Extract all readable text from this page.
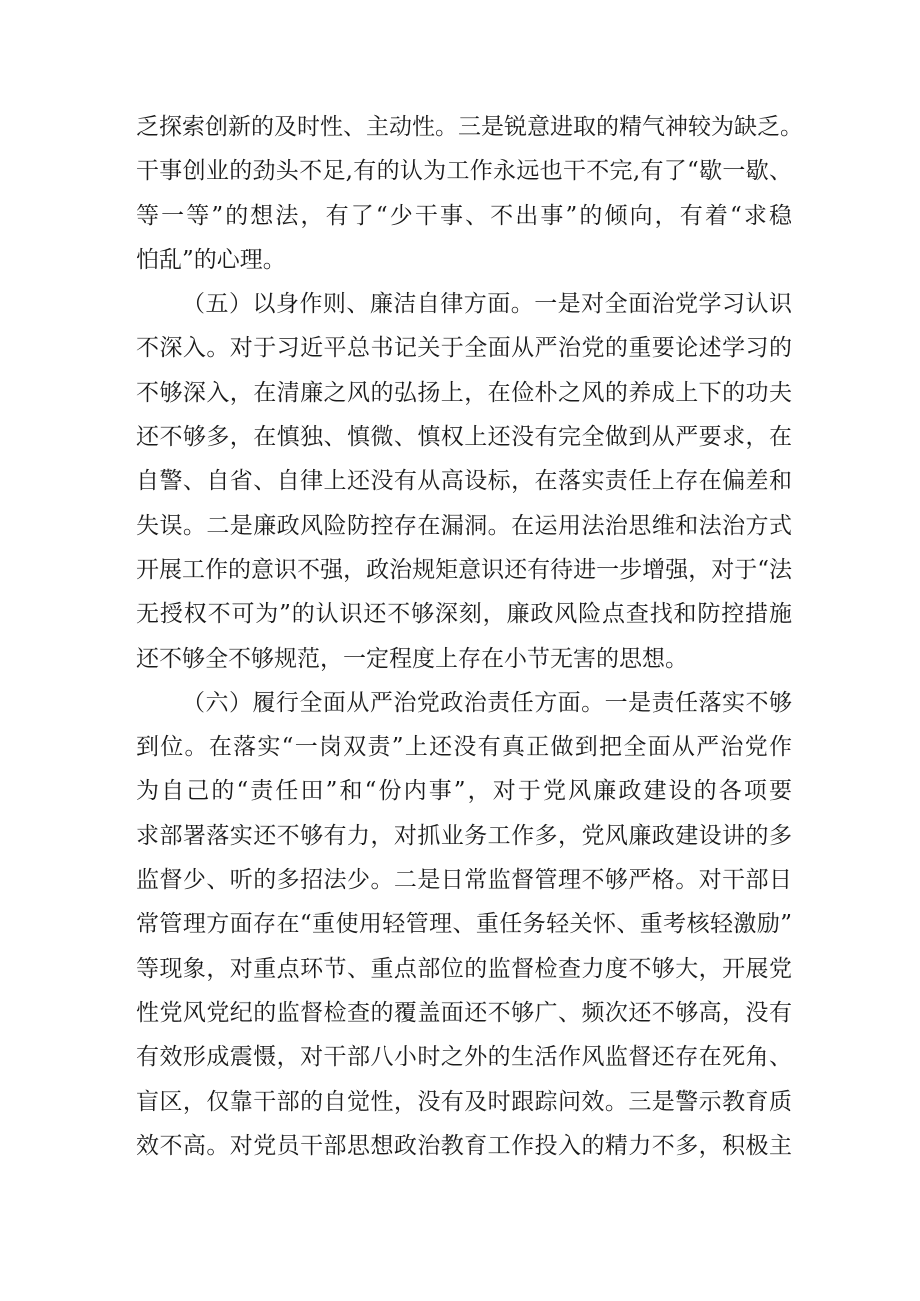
乏探索创新的及时性、主动性。三是锐意进取的精气神较为缺乏。
干事创业的劲头不足,有的认为工作永远也干不完,有了“歇一歇、
等一等”的想法，有了“少干事、不出事”的倾向，有着“求稳
怕乱”的心理。
（五）以身作则、廉洁自律方面。一是对全面治党学习认识
不深入。对于习近平总书记关于全面从严治党的重要论述学习的
不够深入，在清廉之风的弘扬上，在俭朴之风的养成上下的功夫
还不够多，在慎独、慎微、慎权上还没有完全做到从严要求，在
自警、自省、自律上还没有从高设标，在落实责任上存在偏差和
失误。二是廉政风险防控存在漏洞。在运用法治思维和法治方式
开展工作的意识不强，政治规矩意识还有待进一步增强，对于“法
无授权不可为”的认识还不够深刻，廉政风险点查找和防控措施
还不够全不够规范，一定程度上存在小节无害的思想。
（六）履行全面从严治党政治责任方面。一是责任落实不够
到位。在落实“一岗双责”上还没有真正做到把全面从严治党作
为自己的“责任田”和“份内事”，对于党风廉政建设的各项要
求部署落实还不够有力，对抓业务工作多，党风廉政建设讲的多
监督少、听的多招法少。二是日常监督管理不够严格。对干部日
常管理方面存在“重使用轻管理、重任务轻关怀、重考核轻激励”
等现象，对重点环节、重点部位的监督检查力度不够大，开展党
性党风党纪的监督检查的覆盖面还不够广、频次还不够高，没有
有效形成震慑，对干部八小时之外的生活作风监督还存在死角、
盲区，仅靠干部的自觉性，没有及时跟踪问效。三是警示教育质
效不高。对党员干部思想政治教育工作投入的精力不多，积极主
